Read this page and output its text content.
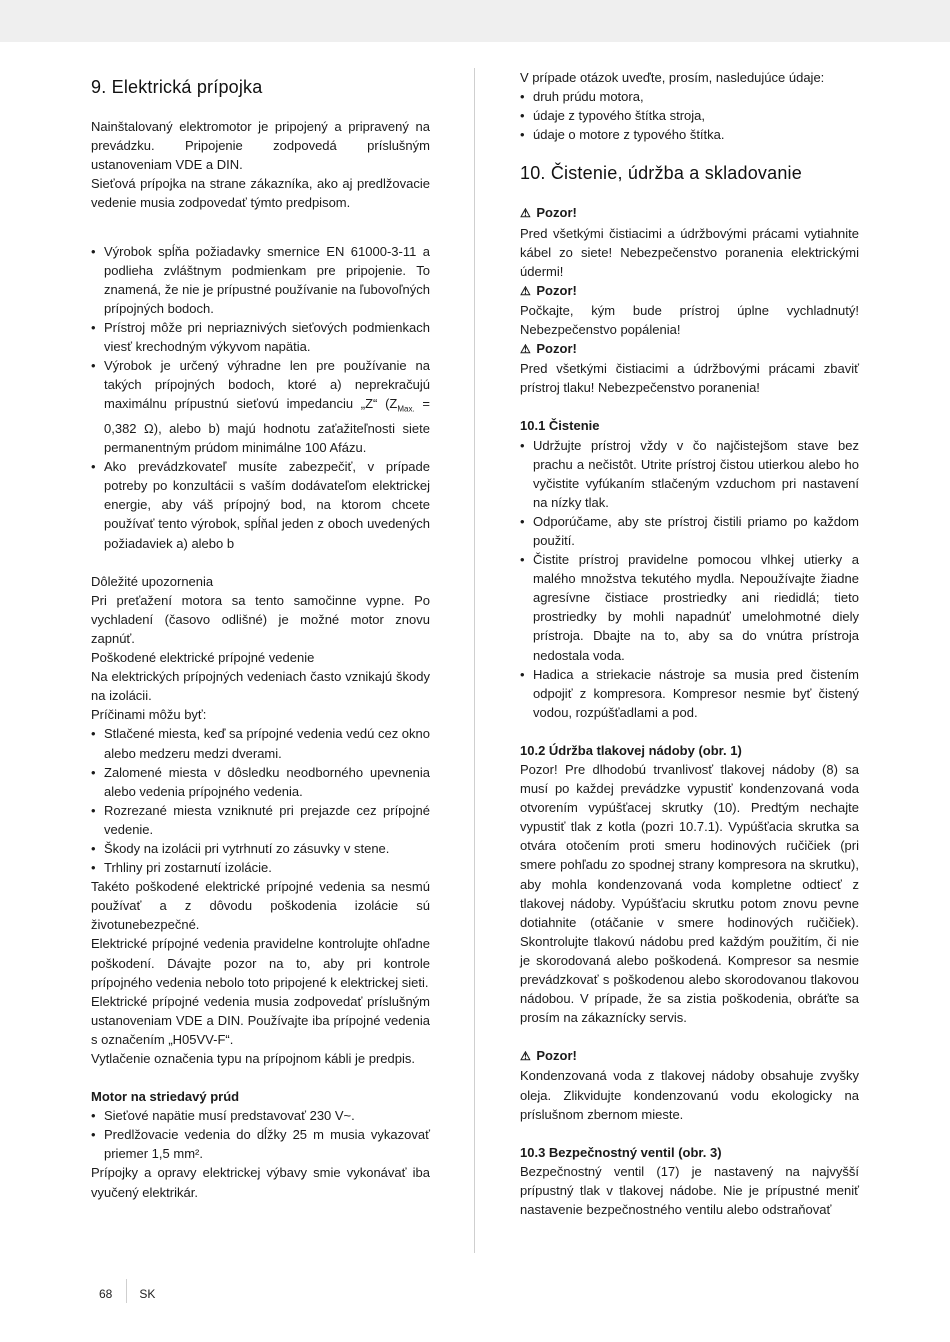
9. Elektrická prípojka

Nainštalovaný elektromotor je pripojený a pripravený na prevádzku. Pripojenie zodpovedá príslušným ustanoveniam VDE a DIN.

Sieťová prípojka na strane zákazníka, ako aj predlžovacie vedenie musia zodpovedať týmto predpisom.

• Výrobok spĺňa požiadavky smernice EN 61000-3-11 a podlieha zvláštnym podmienkam pre pripojenie. To znamená, že nie je prípustné používanie na ľubovoľných prípojných bodoch.
• Prístroj môže pri nepriaznivých sieťových podmienkach viesť krechodným výkyvom napätia.
• Výrobok je určený výhradne len pre používanie na takých prípojných bodoch, ktoré a) neprekračujú maximálnu prípustnú sieťovú impedanciu „Z“ ($Z_{Max.} = 0,382$ Ω), alebo b) majú hodnotu zaťažiteľnosti siete permanentným prúdom minimálne 100 Afázu.
• Ako prevádzkovateľ musíte zabezpečiť, v prípade potreby po konzultácii s vaším dodávateľom elektrickej energie, aby váš prípojný bod, na ktorom chcete používať tento výrobok, spĺňal jeden z oboch uvedených požiadaviek a) alebo b

Dôležité upozornenia

Pri preťažení motora sa tento samočinne vypne. Po vychladení (časovo odlišné) je možné motor znovu zapnúť.

Poškodené elektrické prípojné vedenie

Na elektrických prípojných vedeniach často vznikajú škody na izolácii.

Príčinami môžu byť:

• Stlačené miesta, keď sa prípojné vedenia vedú cez okno alebo medzeru medzi dverami.
• Zalomené miesta v dôsledku neodborného upevnenia alebo vedenia prípojného vedenia.
• Rozrezané miesta vzniknuté pri prejazde cez prípojné vedenie.
• Škody na izolácii pri vytrhnutí zo zásuvky v stene.
• Trhliny pri zostarnutí izolácie.

Takéto poškodené elektrické prípojné vedenia sa nesmú používať a z dôvodu poškodenia izolácie sú životunebezpečné.

Elektrické prípojné vedenia pravidelne kontrolujte ohľadne poškodení. Dávajte pozor na to, aby pri kontrole prípojného vedenia nebolo toto pripojené k elektrickej sieti.

Elektrické prípojné vedenia musia zodpovedať príslušným ustanoveniam VDE a DIN. Používajte iba prípojné vedenia s označením „H05VV-F“.

Vytlačenie označenia typu na prípojnom kábli je predpis.

Motor na striedavý prúd

• Sieťové napätie musí predstavovať 230 V~.
• Predlžovacie vedenia do dĺžky 25 m musia vykazovať priemer 1,5 mm².

Prípojky a opravy elektrickej výbavy smie vykonávať iba vyučený elektrikár.

V prípade otázok uveďte, prosím, nasledujúce údaje:

• druh prúdu motora,
• údaje z typového štítka stroja,
• údaje o motore z typového štítka.
10. Čistenie, údržba a skladovanie

⚠ Pozor!

Pred všetkými čistiacimi a údržbovými prácami vytiahnite kábel zo siete! Nebezpečenstvo poranenia elektrickými údermi!

⚠ Pozor!

Počkajte, kým bude prístroj úplne vychladnutý! Nebezpečenstvo popálenia!

⚠ Pozor!

Pred všetkými čistiacimi a údržbovými prácami zbaviť prístroj tlaku! Nebezpečenstvo poranenia!

10.1 Čistenie

• Udržujte prístroj vždy v čo najčistejšom stave bez prachu a nečistôt. Utrite prístroj čistou utierkou alebo ho vyčistite vyfúkaním stlačeným vzduchom pri nastavení na nízky tlak.
• Odporúčame, aby ste prístroj čistili priamo po každom použití.
• Čistite prístroj pravidelne pomocou vlhkej utierky a malého množstva tekutého mydla. Nepoužívajte žiadne agresívne čistiace prostriedky ani riedidlá; tieto prostriedky by mohli napadnúť umelohmotné diely prístroja. Dbajte na to, aby sa do vnútra prístroja nedostala voda.
• Hadica a striekacie nástroje sa musia pred čistením odpojiť z kompresora. Kompresor nesmie byť čistený vodou, rozpúšťadlami a pod.

10.2 Údržba tlakovej nádoby (obr. 1)

Pozor! Pre dlhodobú trvanlivosť tlakovej nádoby (8) sa musí po každej prevádzke vypustiť kondenzovaná voda otvorením vypúšťacej skrutky (10). Predtým nechajte vypustiť tlak z kotla (pozri 10.7.1). Vypúšťacia skrutka sa otvára otočením proti smeru hodinových ručičiek (pri smere pohľadu zo spodnej strany kompresora na skrutku), aby mohla kondenzovaná voda kompletne odtiecť z tlakovej nádoby. Vypúšťaciu skrutku potom znovu pevne dotiahnite (otáčanie v smere hodinových ručičiek). Skontrolujte tlakovú nádobu pred každým použitím, či nie je skorodovaná alebo poškodená. Kompresor sa nesmie prevádzkovať s poškodenou alebo skorodovanou tlakovou nádobou. V prípade, že sa zistia poškodenia, obráťte sa prosím na zákaznícky servis.

⚠ Pozor!

Kondenzovaná voda z tlakovej nádoby obsahuje zvyšky oleja. Zlikvidujte kondenzovanú vodu ekologicky na príslušnom zbernom mieste.

10.3 Bezpečnostný ventil (obr. 3)

Bezpečnostný ventil (17) je nastavený na najvyšší prípustný tlak v tlakovej nádobe. Nie je prípustné meniť nastavenie bezpečnostného ventilu alebo odstraňovať

68 SK
